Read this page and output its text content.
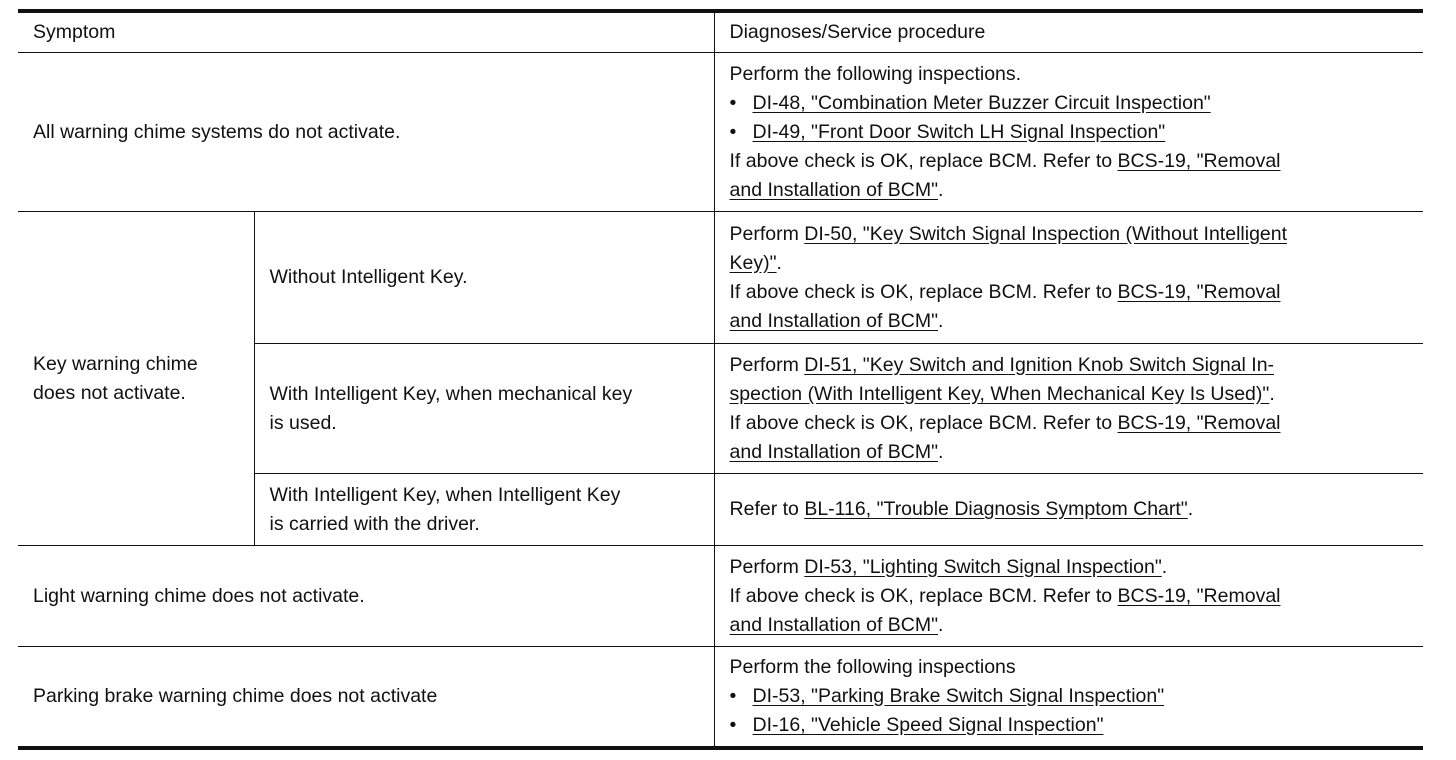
Symptom		Diagnoses/Service procedure
All warning chime systems do not activate.		Perform the following inspections.
• DI-48, "Combination Meter Buzzer Circuit Inspection"
• DI-49, "Front Door Switch LH Signal Inspection"
If above check is OK, replace BCM. Refer to BCS-19, "Removal
and Installation of BCM".

Key warning chime
does not activate.	Without Intelligent Key.	Perform DI-50, "Key Switch Signal Inspection (Without Intelligent
Key)".
If above check is OK, replace BCM. Refer to BCS-19, "Removal
and Installation of BCM".

	With Intelligent Key, when mechanical key
is used.	Perform DI-51, "Key Switch and Ignition Knob Switch Signal In-
spection (With Intelligent Key, When Mechanical Key Is Used)".
If above check is OK, replace BCM. Refer to BCS-19, "Removal
and Installation of BCM".

	With Intelligent Key, when Intelligent Key
is carried with the driver.	Refer to BL-116, "Trouble Diagnosis Symptom Chart".

Light warning chime does not activate.		Perform DI-53, "Lighting Switch Signal Inspection".
If above check is OK, replace BCM. Refer to BCS-19, "Removal
and Installation of BCM".

Parking brake warning chime does not activate		Perform the following inspections
• DI-53, "Parking Brake Switch Signal Inspection"
• DI-16, "Vehicle Speed Signal Inspection"
